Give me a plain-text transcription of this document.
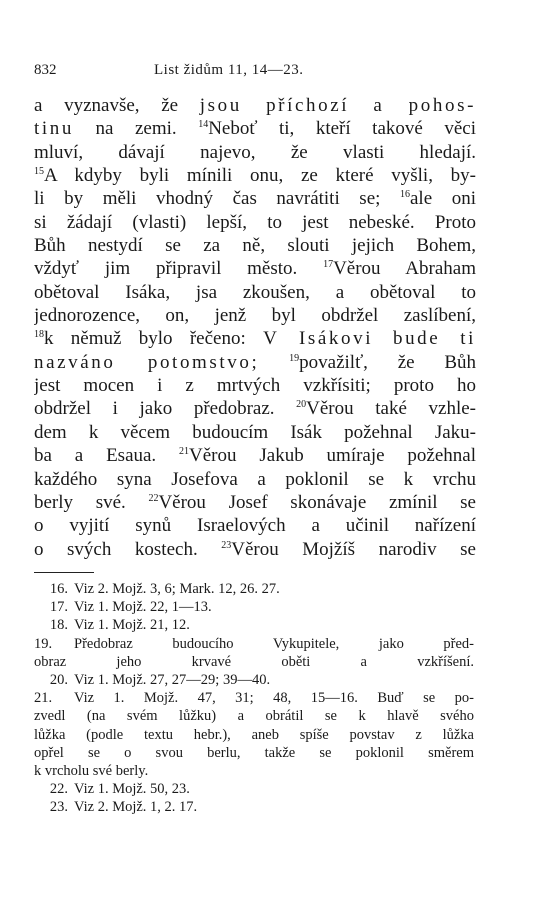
832	List židům 11, 14—23.
a vyznavše, že jsou příchozí a pohos-
tinu na zemi. $^{14}$Neboť ti, kteří takové věci
mluví, dávají najevo, že vlasti hledají.
$^{15}$A kdyby byli mínili onu, ze které vyšli, by-
li by měli vhodný čas navrátiti se; $^{16}$ale oni
si žádají (vlasti) lepší, to jest nebeské. Proto
Bůh nestydí se za ně, slouti jejich Bohem,
vždyť jim připravil město. $^{17}$Věrou Abraham
obětoval Isáka, jsa zkoušen, a obětoval to
jednorozence, on, jenž byl obdržel zaslíbení,
$^{18}$k němuž bylo řečeno: V Isákovi bude ti
nazváno potomstvo;	$^{19}$považilť, že Bůh
jest mocen i z mrtvých vzkřísiti; proto ho
obdržel i jako předobraz. $^{20}$Věrou také vzhle-
dem k věcem budoucím Isák požehnal Jaku-
ba a Esaua. $^{21}$Věrou Jakub umíraje požehnal
každého syna Josefova a poklonil se k vrchu
berly své. $^{22}$Věrou Josef skonávaje zmínil se
o vyjití synů Israelových a učinil nařízení
o svých kostech. $^{23}$Věrou Mojžíš narodiv se
16. Viz 2. Mojž. 3, 6; Mark. 12, 26. 27.
17. Viz 1. Mojž. 22, 1—13.
18. Viz 1. Mojž. 21, 12.
19.	Předobraz budoucího Vykupitele, jako před-
obraz jeho krvavé oběti a vzkříšení.
20. Viz 1. Mojž. 27, 27—29; 39—40.
21.	Viz 1. Mojž. 47, 31; 48, 15—16. Buď se po-
zvedl (na svém lůžku) a obrátil se k hlavě svého
lůžka (podle textu hebr.), aneb spíše povstav z lůžka
opřel se o svou berlu, takže se poklonil směrem
k vrcholu své berly.
22. Viz 1. Mojž. 50, 23.
23. Viz 2. Mojž. 1, 2. 17.
